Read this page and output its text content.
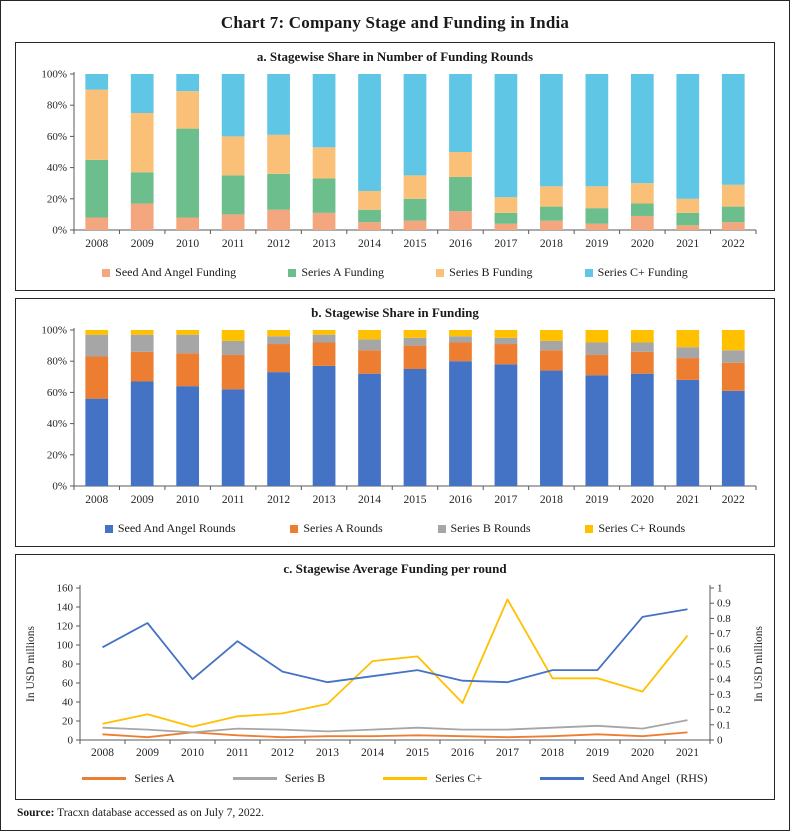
Chart 7: Company Stage and Funding in India
a. Stagewise Share in Number of Funding Rounds
0%
20%
40%
60%
80%
100%
2008 2009 2010 2011 2012 2013 2014 2015 2016 2017 2018 2019 2020 2021 2022
Seed And Angel Funding	Series A Funding	Series B Funding	Series C+ Funding
b. Stagewise Share in Funding
0%
20%
40%
60%
80%
100%
2008 2009 2010 2011 2012 2013 2014 2015 2016 2017 2018 2019 2020 2021 2022
Seed And Angel Rounds	Series A Rounds	Series B Rounds	Series C+ Rounds
c. Stagewise Average Funding per round
0
20
40
60
80
100
120
140
160
0
0.1
0.2
0.3
0.4
0.5
0.6
0.7
0.8
0.9
1
2008 2009 2010 2011 2012 2013 2014 2015 2016 2017 2018 2019 2020 2021
In USD millions	In USD millions
Series A	Series B	Series C+	Seed And Angel  (RHS)
Source: Tracxn database accessed as on July 7, 2022.
